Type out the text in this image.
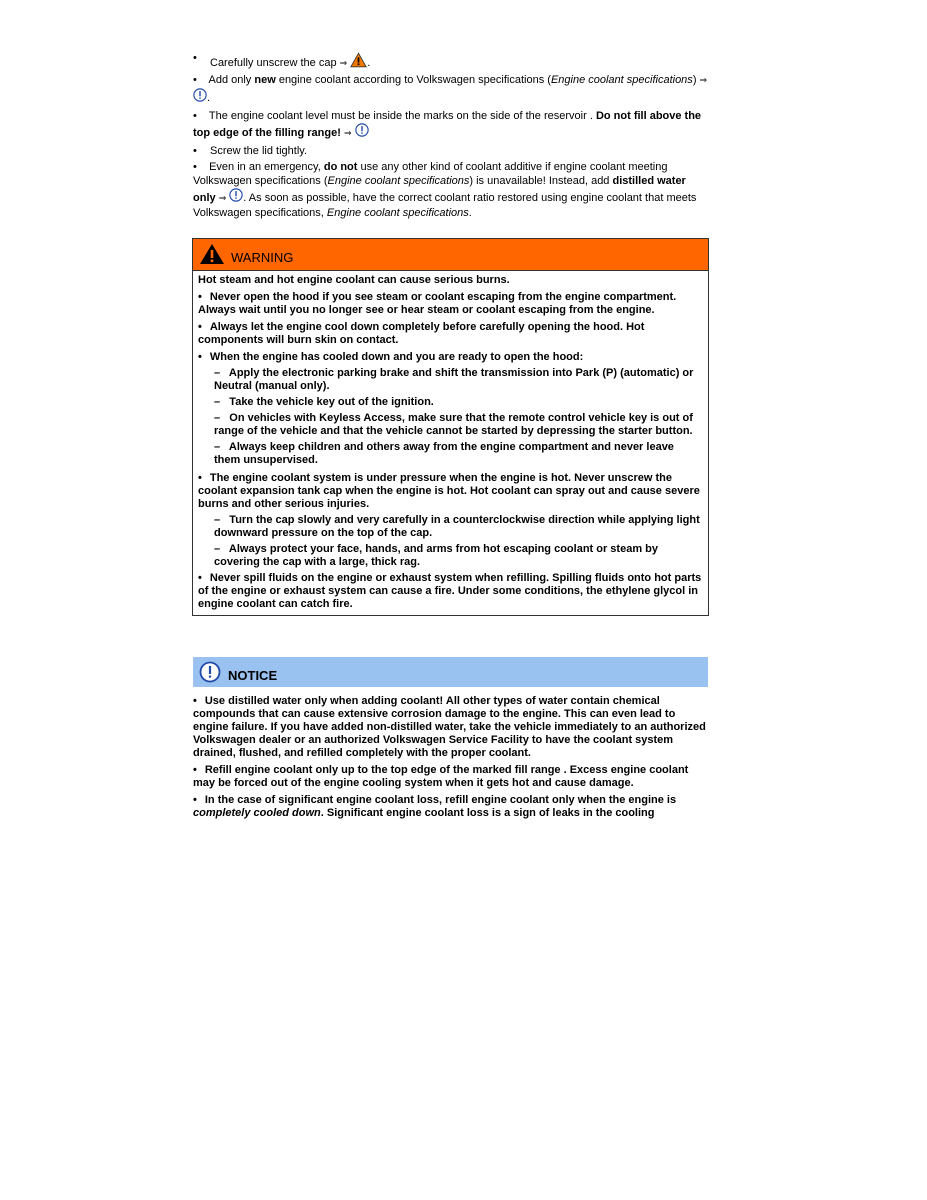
• Carefully unscrew the cap ⇒ .
• Add only new engine coolant according to Volkswagen specifications (Engine coolant specifications) ⇒ .
• The engine coolant level must be inside the marks on the side of the reservoir . Do not fill above the top edge of the filling range! ⇒
• Screw the lid tightly.
• Even in an emergency, do not use any other kind of coolant additive if engine coolant meeting Volkswagen specifications (Engine coolant specifications) is unavailable! Instead, add distilled water only ⇒ . As soon as possible, have the correct coolant ratio restored using engine coolant that meets Volkswagen specifications, Engine coolant specifications.
WARNING
Hot steam and hot engine coolant can cause serious burns.
• Never open the hood if you see steam or coolant escaping from the engine compartment. Always wait until you no longer see or hear steam or coolant escaping from the engine.
• Always let the engine cool down completely before carefully opening the hood. Hot components will burn skin on contact.
• When the engine has cooled down and you are ready to open the hood:
– Apply the electronic parking brake and shift the transmission into Park (P) (automatic) or Neutral (manual only).
– Take the vehicle key out of the ignition.
– On vehicles with Keyless Access, make sure that the remote control vehicle key is out of range of the vehicle and that the vehicle cannot be started by depressing the starter button.
– Always keep children and others away from the engine compartment and never leave them unsupervised.
• The engine coolant system is under pressure when the engine is hot. Never unscrew the coolant expansion tank cap when the engine is hot. Hot coolant can spray out and cause severe burns and other serious injuries.
– Turn the cap slowly and very carefully in a counterclockwise direction while applying light downward pressure on the top of the cap.
– Always protect your face, hands, and arms from hot escaping coolant or steam by covering the cap with a large, thick rag.
• Never spill fluids on the engine or exhaust system when refilling. Spilling fluids onto hot parts of the engine or exhaust system can cause a fire. Under some conditions, the ethylene glycol in engine coolant can catch fire.
NOTICE
• Use distilled water only when adding coolant! All other types of water contain chemical compounds that can cause extensive corrosion damage to the engine. This can even lead to engine failure. If you have added non-distilled water, take the vehicle immediately to an authorized Volkswagen dealer or an authorized Volkswagen Service Facility to have the coolant system drained, flushed, and refilled completely with the proper coolant.
• Refill engine coolant only up to the top edge of the marked fill range . Excess engine coolant may be forced out of the engine cooling system when it gets hot and cause damage.
• In the case of significant engine coolant loss, refill engine coolant only when the engine is completely cooled down. Significant engine coolant loss is a sign of leaks in the cooling
